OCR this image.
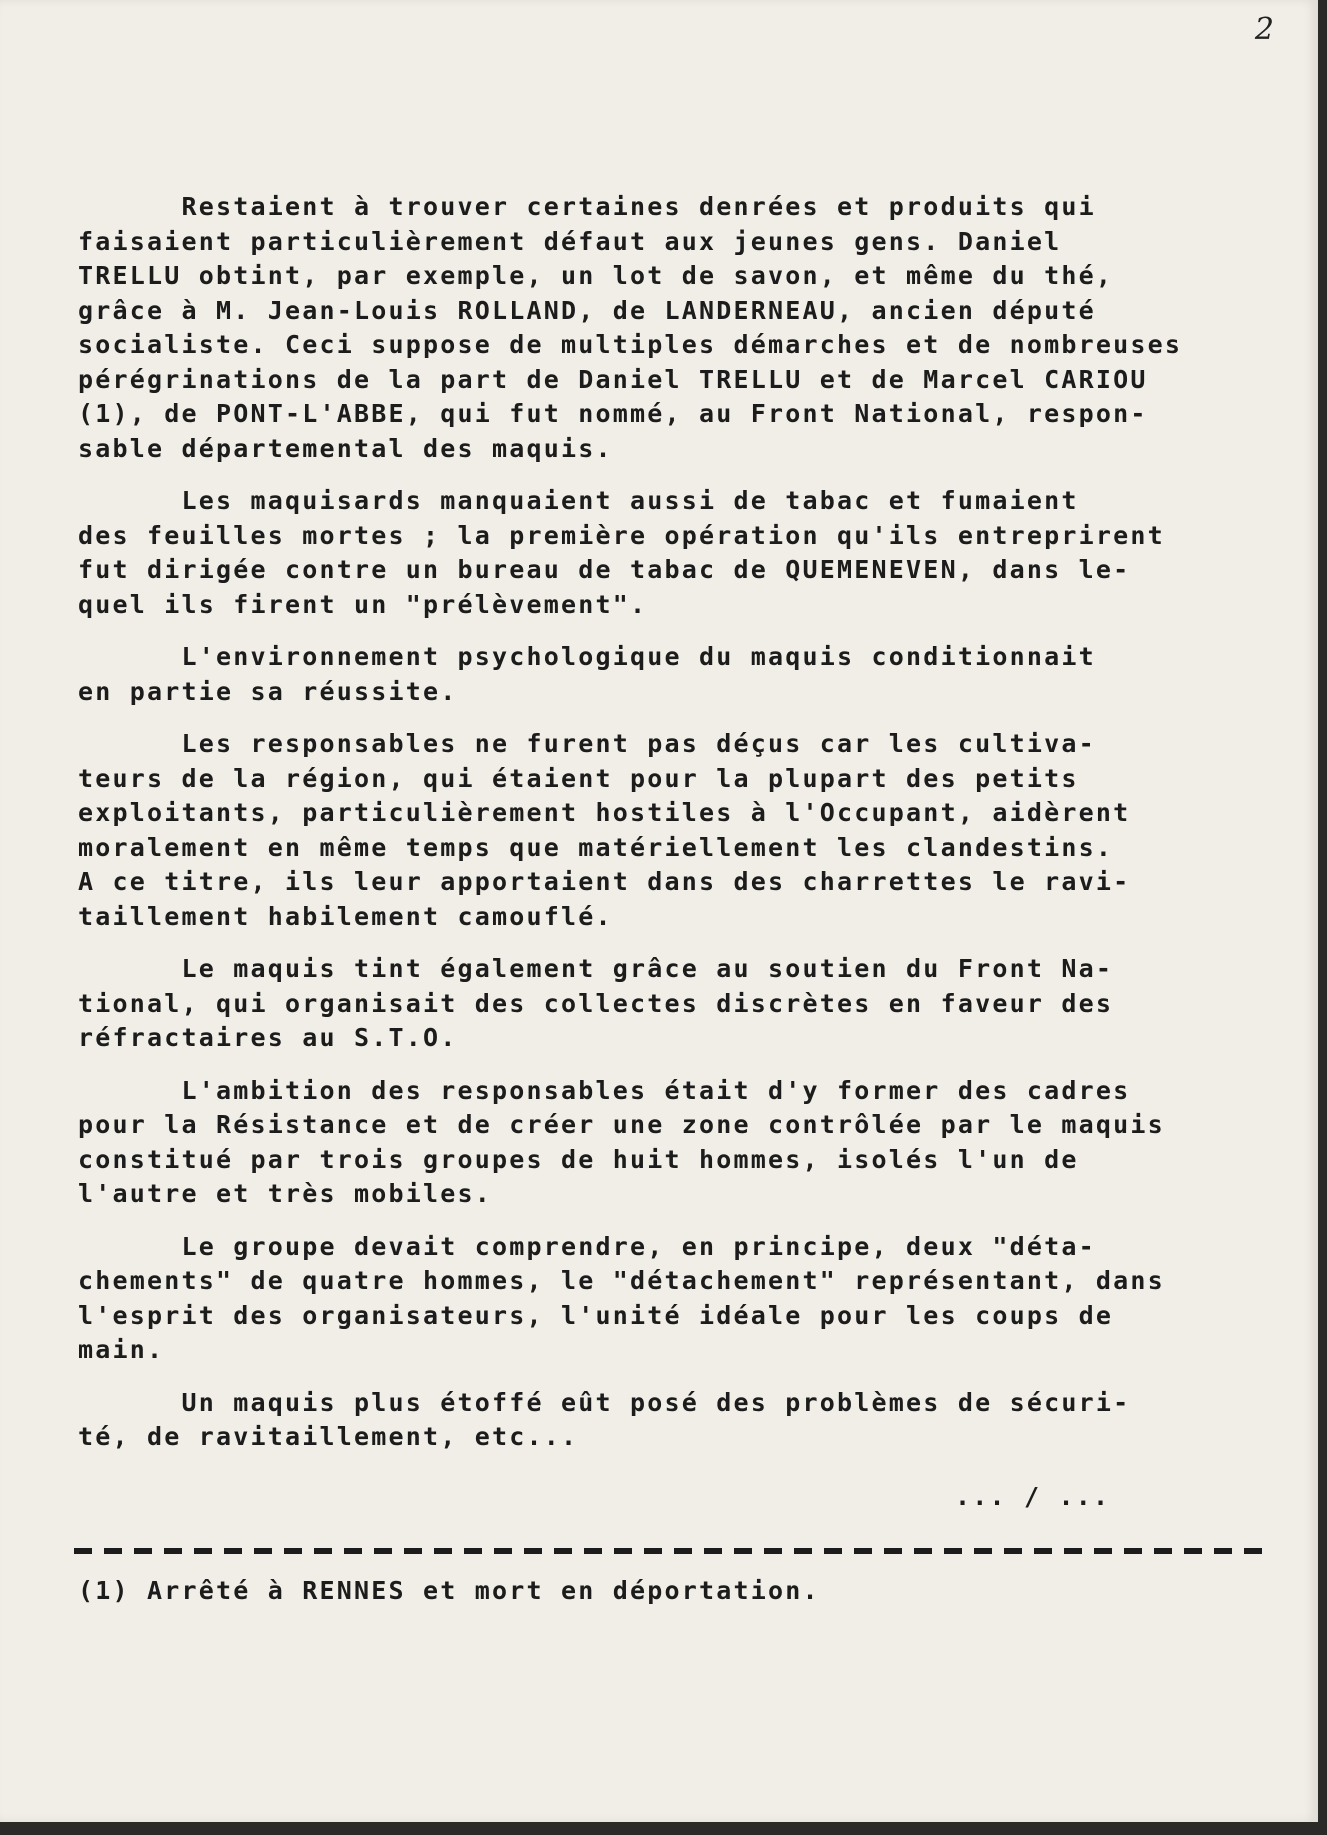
2
Restaient à trouver certaines denrées et produits qui
faisaient particulièrement défaut aux jeunes gens. Daniel
TRELLU obtint, par exemple, un lot de savon, et même du thé,
grâce à M. Jean-Louis ROLLAND, de LANDERNEAU, ancien député
socialiste. Ceci suppose de multiples démarches et de nombreuses
pérégrinations de la part de Daniel TRELLU et de Marcel CARIOU
(1), de PONT-L'ABBE, qui fut nommé, au Front National, respon-
sable départemental des maquis.
Les maquisards manquaient aussi de tabac et fumaient
des feuilles mortes ; la première opération qu'ils entreprirent
fut dirigée contre un bureau de tabac de QUEMENEVEN, dans le-
quel ils firent un "prélèvement".
L'environnement psychologique du maquis conditionnait
en partie sa réussite.
Les responsables ne furent pas déçus car les cultiva-
teurs de la région, qui étaient pour la plupart des petits
exploitants, particulièrement hostiles à l'Occupant, aidèrent
moralement en même temps que matériellement les clandestins.
A ce titre, ils leur apportaient dans des charrettes le ravi-
taillement habilement camouflé.
Le maquis tint également grâce au soutien du Front Na-
tional, qui organisait des collectes discrètes en faveur des
réfractaires au S.T.O.
L'ambition des responsables était d'y former des cadres
pour la Résistance et de créer une zone contrôlée par le maquis
constitué par trois groupes de huit hommes, isolés l'un de
l'autre et très mobiles.
Le groupe devait comprendre, en principe, deux "déta-
chements" de quatre hommes, le "détachement" représentant, dans
l'esprit des organisateurs, l'unité idéale pour les coups de
main.
Un maquis plus étoffé eût posé des problèmes de sécuri-
té, de ravitaillement, etc...
... / ...
(1) Arrêté à RENNES et mort en déportation.
